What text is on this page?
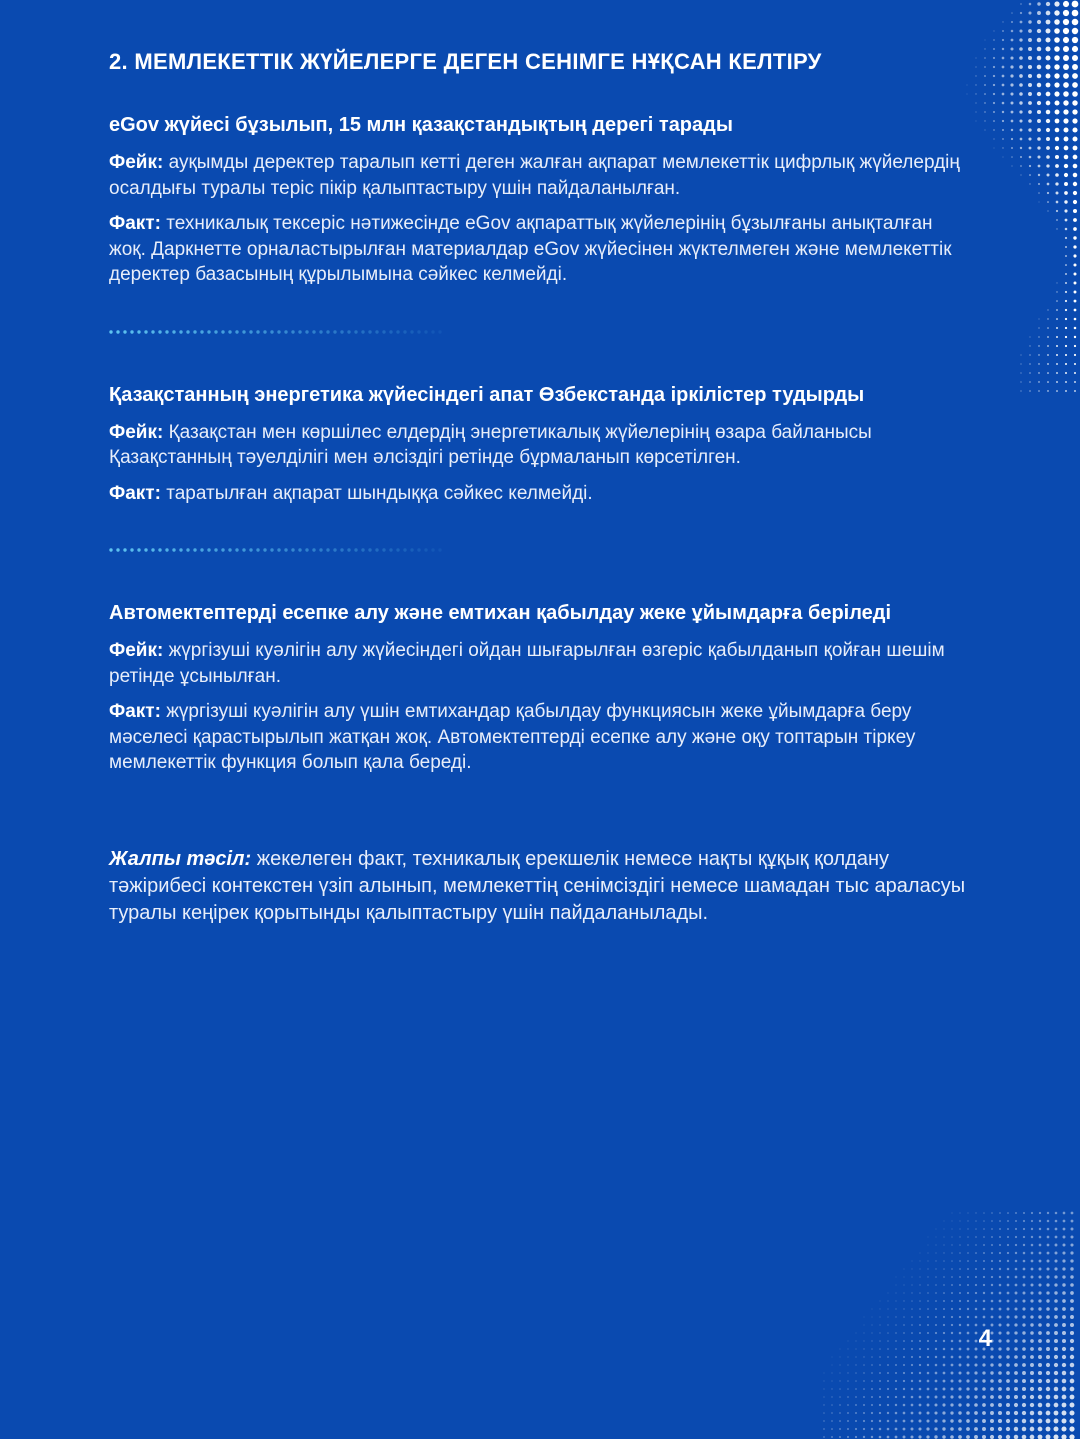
2. МЕМЛЕКЕТТІК ЖҮЙЕЛЕРГЕ ДЕГЕН СЕНІМГЕ НҰҚСАН КЕЛТІРУ
eGov жүйесі бұзылып, 15 млн қазақстандықтың дерегі тарады

Фейк: ауқымды деректер таралып кетті деген жалған ақпарат мемлекеттік цифрлық жүйелердің осалдығы туралы теріс пікір қалыптастыру үшін пайдаланылған.

Факт: техникалық тексеріс нәтижесінде eGov ақпараттық жүйелерінің бұзылғаны анықталған жоқ. Даркнетте орналастырылған материалдар eGov жүйесінен жүктелмеген және мемлекеттік деректер базасының құрылымына сәйкес келмейді.

Қазақстанның энергетика жүйесіндегі апат Өзбекстанда іркілістер тудырды

Фейк: Қазақстан мен көршілес елдердің энергетикалық жүйелерінің өзара байланысы Қазақстанның тәуелділігі мен әлсіздігі ретінде бұрмаланып көрсетілген.

Факт: таратылған ақпарат шындыққа сәйкес келмейді.

Автомектептерді есепке алу және емтихан қабылдау жеке ұйымдарға беріледі

Фейк: жүргізуші куәлігін алу жүйесіндегі ойдан шығарылған өзгеріс қабылданып қойған шешім ретінде ұсынылған.

Факт: жүргізуші куәлігін алу үшін емтихандар қабылдау функциясын жеке ұйымдарға беру мәселесі қарастырылып жатқан жоқ. Автомектептерді есепке алу және оқу топтарын тіркеу мемлекеттік функция болып қала береді.

Жалпы тәсіл: жекелеген факт, техникалық ерекшелік немесе нақты құқық қолдану тәжірибесі контекстен үзіп алынып, мемлекеттің сенімсіздігі немесе шамадан тыс араласуы туралы кеңірек қорытынды қалыптастыру үшін пайдаланылады.

4
